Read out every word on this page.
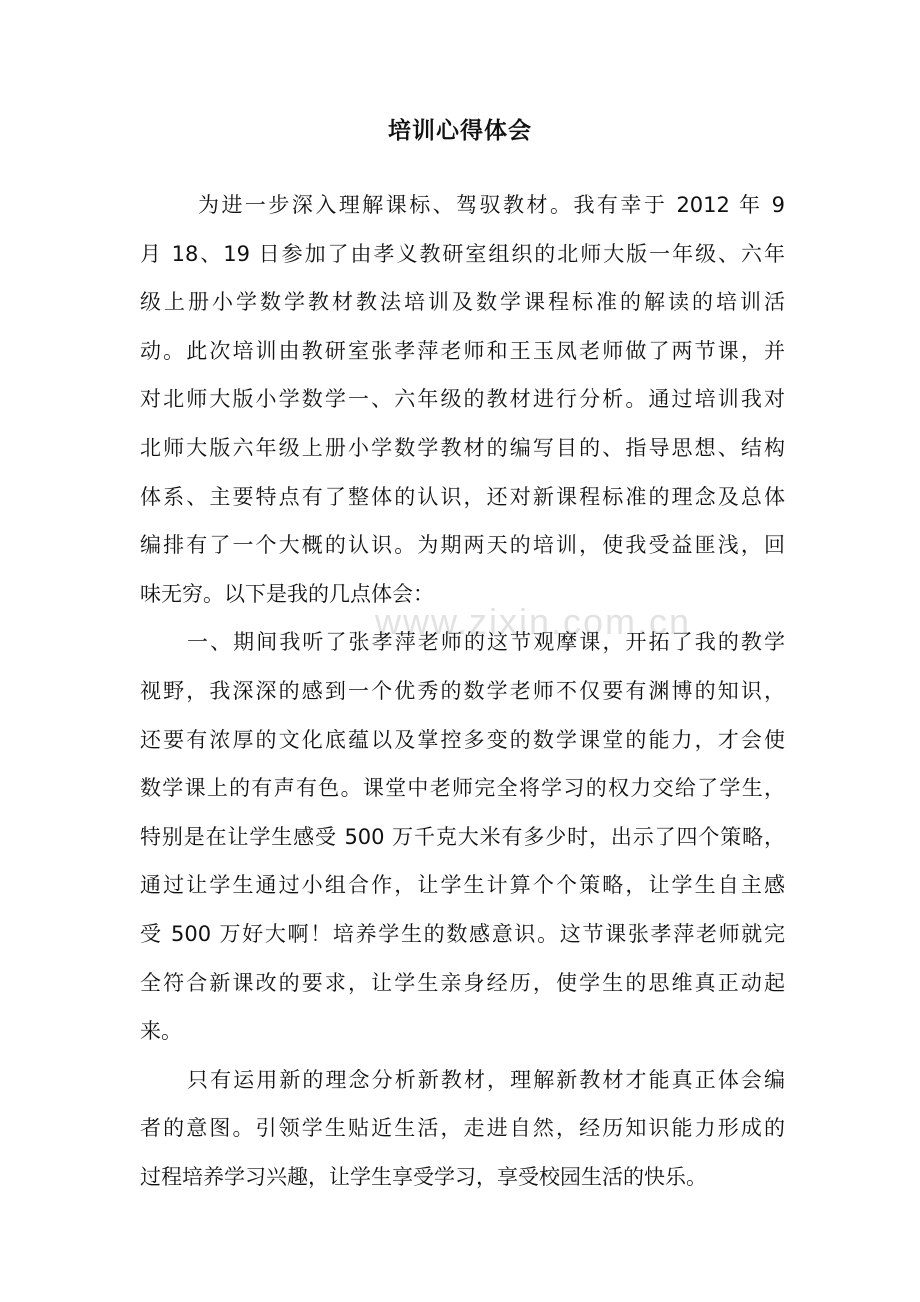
培训心得体会
www.zixin.com.cn
为进一步深入理解课标、驾驭教材。我有幸于 2012 年 9
月 18、19 日参加了由孝义教研室组织的北师大版一年级、六年
级上册小学数学教材教法培训及数学课程标准的解读的培训活
动。此次培训由教研室张孝萍老师和王玉凤老师做了两节课，并
对北师大版小学数学一、六年级的教材进行分析。通过培训我对
北师大版六年级上册小学数学教材的编写目的、指导思想、结构
体系、主要特点有了整体的认识，还对新课程标准的理念及总体
编排有了一个大概的认识。为期两天的培训，使我受益匪浅，回
味无穷。以下是我的几点体会：
一、期间我听了张孝萍老师的这节观摩课，开拓了我的教学
视野，我深深的感到一个优秀的数学老师不仅要有渊博的知识，
还要有浓厚的文化底蕴以及掌控多变的数学课堂的能力，才会使
数学课上的有声有色。课堂中老师完全将学习的权力交给了学生，
特别是在让学生感受 500 万千克大米有多少时，出示了四个策略，
通过让学生通过小组合作，让学生计算个个策略，让学生自主感
受 500 万好大啊！培养学生的数感意识。这节课张孝萍老师就完
全符合新课改的要求，让学生亲身经历，使学生的思维真正动起
来。
只有运用新的理念分析新教材，理解新教材才能真正体会编
者的意图。引领学生贴近生活，走进自然，经历知识能力形成的
过程培养学习兴趣，让学生享受学习，享受校园生活的快乐。
